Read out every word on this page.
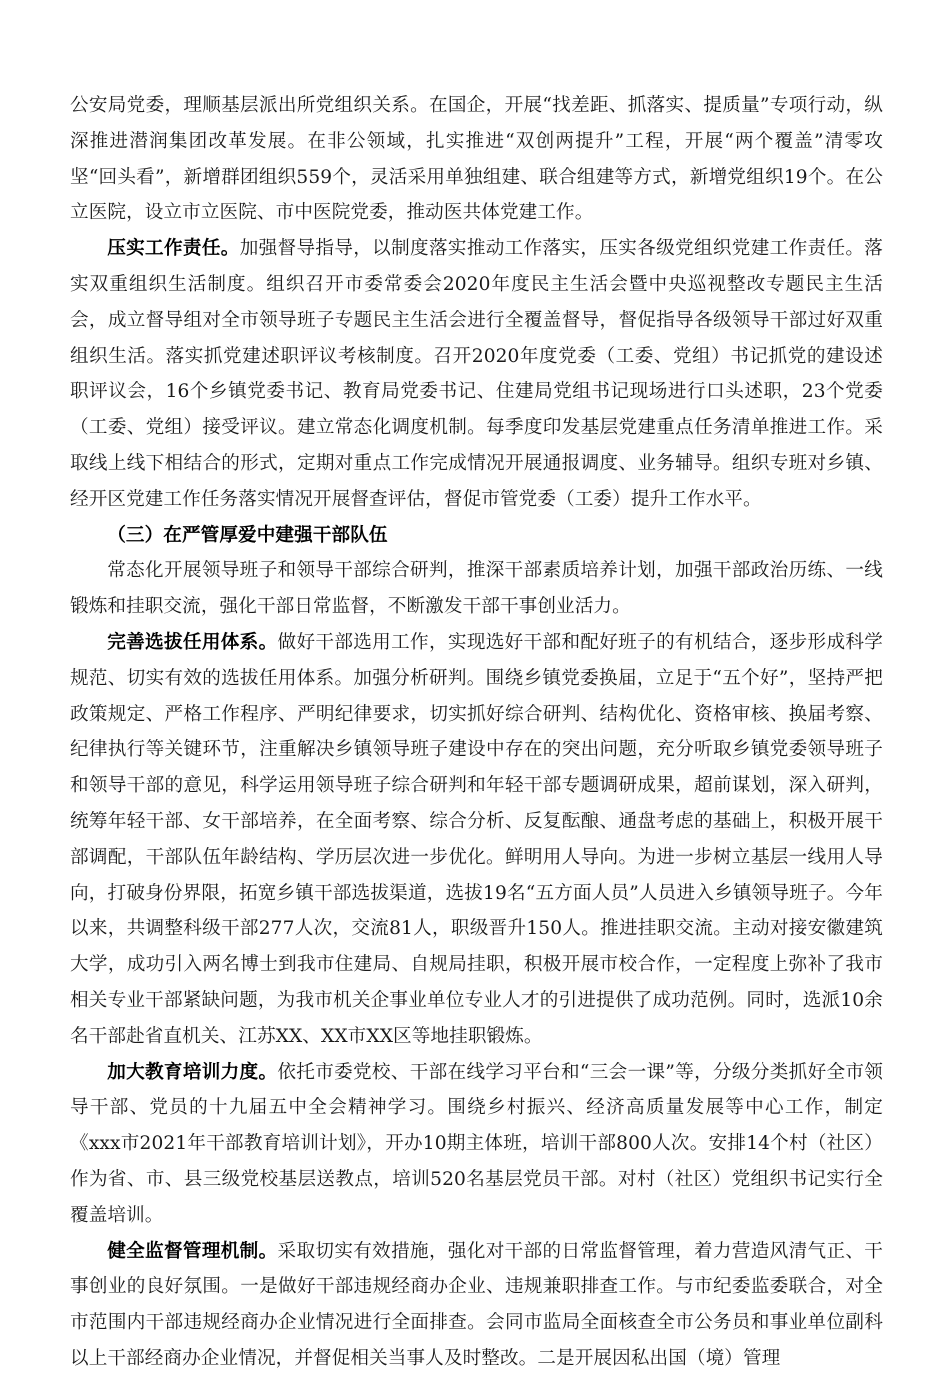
公安局党委，理顺基层派出所党组织关系。在国企，开展“找差距、抓落实、提质量”专项行动，纵深推进潜润集团改革发展。在非公领域，扎实推进“双创两提升”工程，开展“两个覆盖”清零攻坚“回头看”，新增群团组织559个，灵活采用单独组建、联合组建等方式，新增党组织19个。在公立医院，设立市立医院、市中医院党委，推动医共体党建工作。

压实工作责任。加强督导指导，以制度落实推动工作落实，压实各级党组织党建工作责任。落实双重组织生活制度。组织召开市委常委会2020年度民主生活会暨中央巡视整改专题民主生活会，成立督导组对全市领导班子专题民主生活会进行全覆盖督导，督促指导各级领导干部过好双重组织生活。落实抓党建述职评议考核制度。召开2020年度党委（工委、党组）书记抓党的建设述职评议会，16个乡镇党委书记、教育局党委书记、住建局党组书记现场进行口头述职，23个党委（工委、党组）接受评议。建立常态化调度机制。每季度印发基层党建重点任务清单推进工作。采取线上线下相结合的形式，定期对重点工作完成情况开展通报调度、业务辅导。组织专班对乡镇、经开区党建工作任务落实情况开展督查评估，督促市管党委（工委）提升工作水平。

（三）在严管厚爱中建强干部队伍

常态化开展领导班子和领导干部综合研判，推深干部素质培养计划，加强干部政治历练、一线锻炼和挂职交流，强化干部日常监督，不断激发干部干事创业活力。

完善选拔任用体系。做好干部选用工作，实现选好干部和配好班子的有机结合，逐步形成科学规范、切实有效的选拔任用体系。加强分析研判。围绕乡镇党委换届，立足于“五个好”，坚持严把政策规定、严格工作程序、严明纪律要求，切实抓好综合研判、结构优化、资格审核、换届考察、纪律执行等关键环节，注重解决乡镇领导班子建设中存在的突出问题，充分听取乡镇党委领导班子和领导干部的意见，科学运用领导班子综合研判和年轻干部专题调研成果，超前谋划，深入研判，统筹年轻干部、女干部培养，在全面考察、综合分析、反复酝酿、通盘考虑的基础上，积极开展干部调配，干部队伍年龄结构、学历层次进一步优化。鲜明用人导向。为进一步树立基层一线用人导向，打破身份界限，拓宽乡镇干部选拔渠道，选拔19名“五方面人员”人员进入乡镇领导班子。今年以来，共调整科级干部277人次，交流81人，职级晋升150人。推进挂职交流。主动对接安徽建筑大学，成功引入两名博士到我市住建局、自规局挂职，积极开展市校合作，一定程度上弥补了我市相关专业干部紧缺问题，为我市机关企事业单位专业人才的引进提供了成功范例。同时，选派10余名干部赴省直机关、江苏XX、XX市XX区等地挂职锻炼。

加大教育培训力度。依托市委党校、干部在线学习平台和“三会一课”等，分级分类抓好全市领导干部、党员的十九届五中全会精神学习。围绕乡村振兴、经济高质量发展等中心工作，制定《xxx市2021年干部教育培训计划》，开办10期主体班，培训干部800人次。安排14个村（社区）作为省、市、县三级党校基层送教点，培训520名基层党员干部。对村（社区）党组织书记实行全覆盖培训。

健全监督管理机制。采取切实有效措施，强化对干部的日常监督管理，着力营造风清气正、干事创业的良好氛围。一是做好干部违规经商办企业、违规兼职排查工作。与市纪委监委联合，对全市范围内干部违规经商办企业情况进行全面排查。会同市监局全面核查全市公务员和事业单位副科以上干部经商办企业情况，并督促相关当事人及时整改。二是开展因私出国（境）管理
